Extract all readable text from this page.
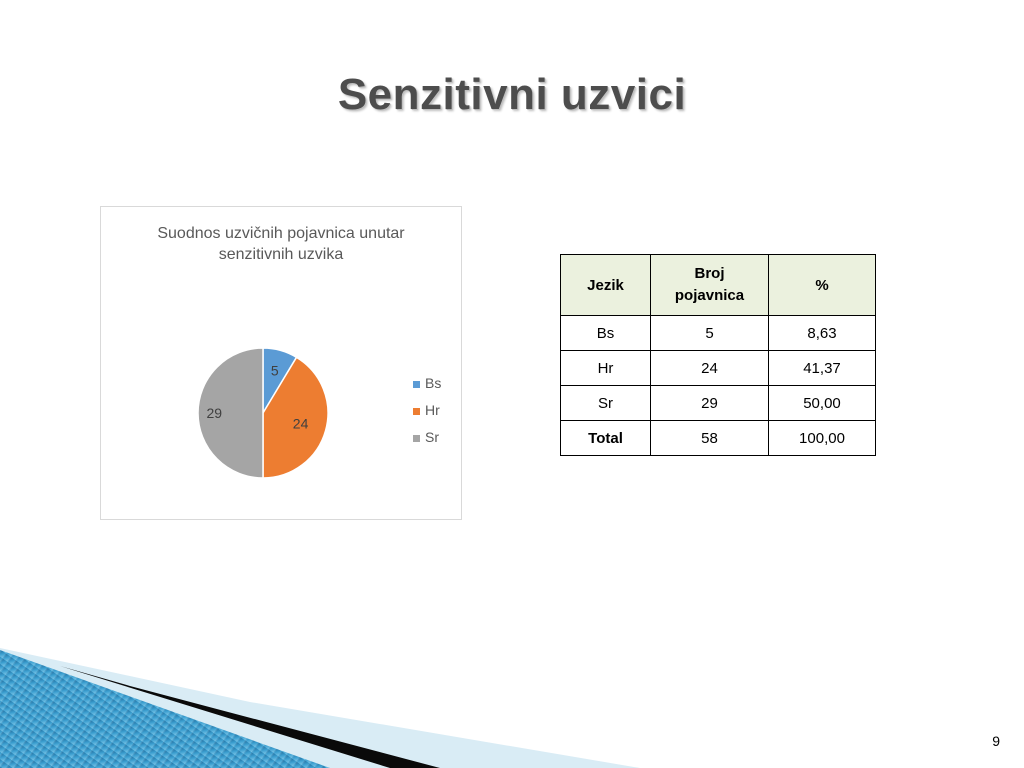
Senzitivni uzvici
Suodnos uzvičnih pojavnica unutar
senzitivnih uzvika
5
24
29
Bs
Hr
Sr
Jezik	Broj pojavnica	%
Bs	5	8,63
Hr	24	41,37
Sr	29	50,00
Total	58	100,00
9
